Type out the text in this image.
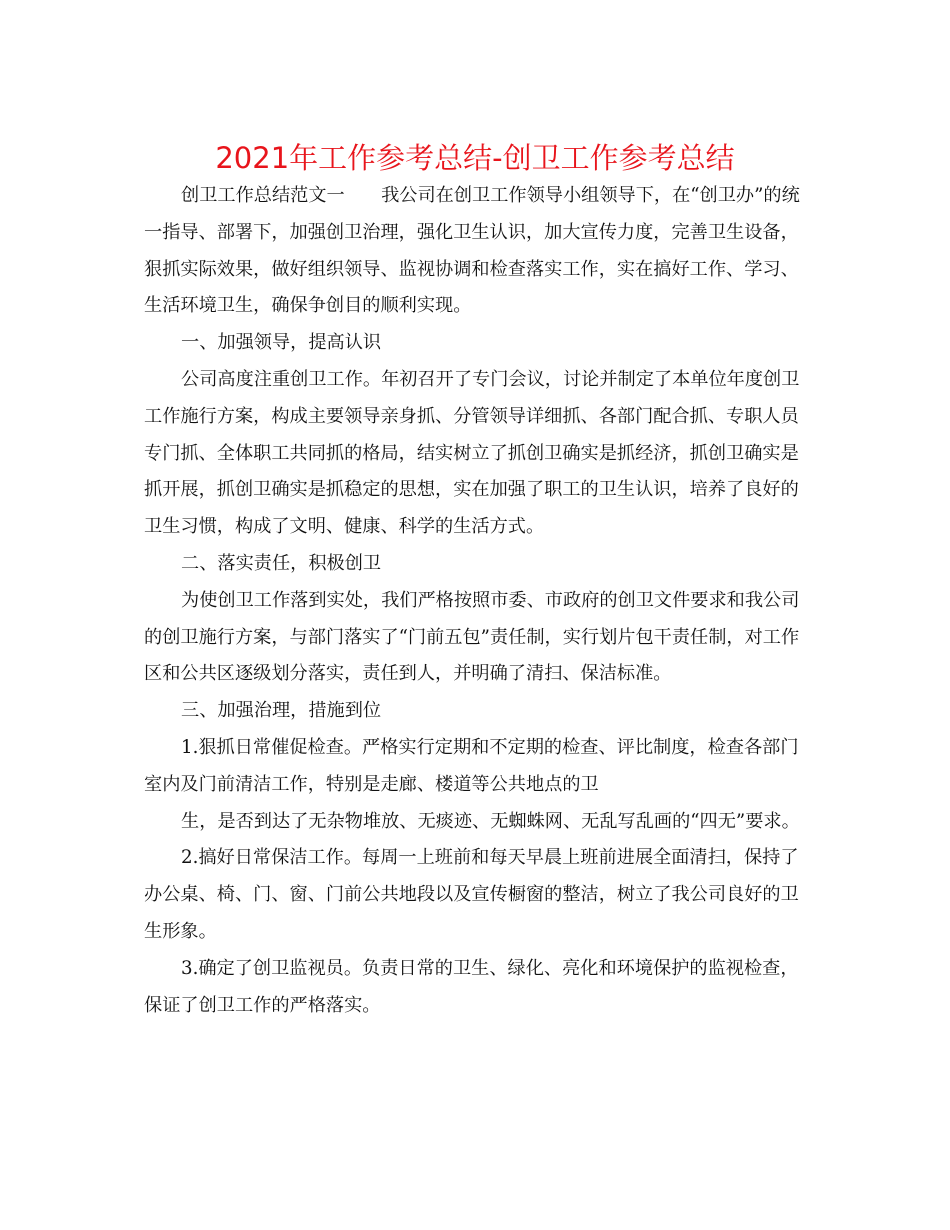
2021年工作参考总结-创卫工作参考总结

创卫工作总结范文一　　我公司在创卫工作领导小组领导下，在“创卫办”的统一指导、部署下，加强创卫治理，强化卫生认识，加大宣传力度，完善卫生设备，狠抓实际效果，做好组织领导、监视协调和检查落实工作，实在搞好工作、学习、生活环境卫生，确保争创目的顺利实现。

一、加强领导，提高认识

公司高度注重创卫工作。年初召开了专门会议，讨论并制定了本单位年度创卫工作施行方案，构成主要领导亲身抓、分管领导详细抓、各部门配合抓、专职人员专门抓、全体职工共同抓的格局，结实树立了抓创卫确实是抓经济，抓创卫确实是抓开展，抓创卫确实是抓稳定的思想，实在加强了职工的卫生认识，培养了良好的卫生习惯，构成了文明、健康、科学的生活方式。

二、落实责任，积极创卫

为使创卫工作落到实处，我们严格按照市委、市政府的创卫文件要求和我公司的创卫施行方案，与部门落实了“门前五包”责任制，实行划片包干责任制，对工作区和公共区逐级划分落实，责任到人，并明确了清扫、保洁标准。

三、加强治理，措施到位

1.狠抓日常催促检查。严格实行定期和不定期的检查、评比制度，检查各部门室内及门前清洁工作，特别是走廊、楼道等公共地点的卫

生，是否到达了无杂物堆放、无痰迹、无蜘蛛网、无乱写乱画的“四无”要求。

2.搞好日常保洁工作。每周一上班前和每天早晨上班前进展全面清扫，保持了办公桌、椅、门、窗、门前公共地段以及宣传橱窗的整洁，树立了我公司良好的卫生形象。

3.确定了创卫监视员。负责日常的卫生、绿化、亮化和环境保护的监视检查，保证了创卫工作的严格落实。
